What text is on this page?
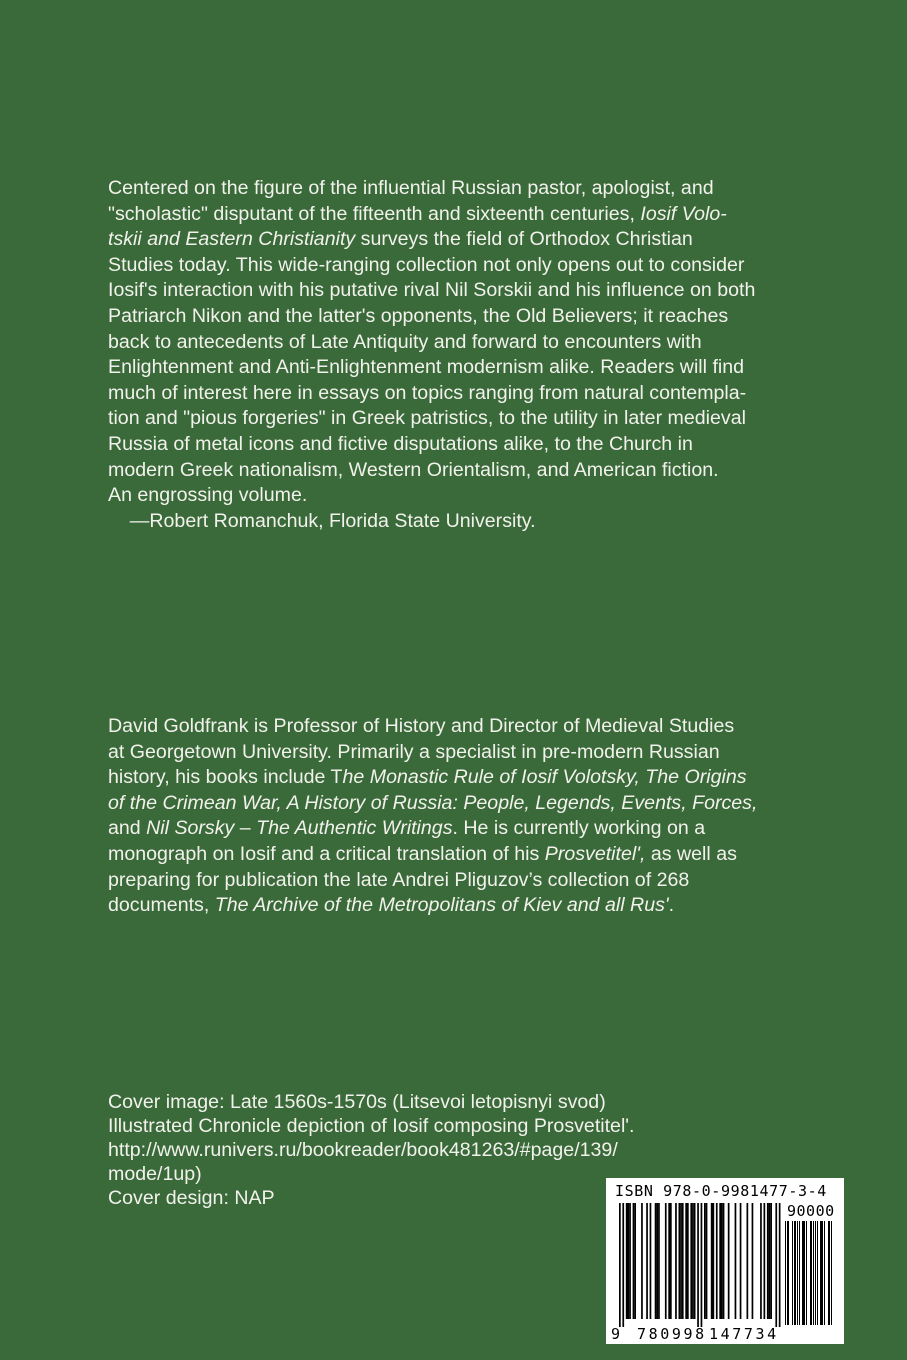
Centered on the figure of the influential Russian pastor, apologist, and
"scholastic" disputant of the fifteenth and sixteenth centuries, Iosif Volo-
tskii and Eastern Christianity surveys the field of Orthodox Christian
Studies today. This wide-ranging collection not only opens out to consider
Iosif's interaction with his putative rival Nil Sorskii and his influence on both
Patriarch Nikon and the latter's opponents, the Old Believers; it reaches
back to antecedents of Late Antiquity and forward to encounters with
Enlightenment and Anti-Enlightenment modernism alike. Readers will find
much of interest here in essays on topics ranging from natural contempla-
tion and "pious forgeries" in Greek patristics, to the utility in later medieval
Russia of metal icons and fictive disputations alike, to the Church in
modern Greek nationalism, Western Orientalism, and American fiction.
An engrossing volume.
—Robert Romanchuk, Florida State University.
David Goldfrank is Professor of History and Director of Medieval Studies
at Georgetown University. Primarily a specialist in pre-modern Russian
history, his books include The Monastic Rule of Iosif Volotsky, The Origins
of the Crimean War, A History of Russia: People, Legends, Events, Forces,
and Nil Sorsky – The Authentic Writings. He is currently working on a
monograph on Iosif and a critical translation of his Prosvetitel', as well as
preparing for publication the late Andrei Pliguzov’s collection of 268
documents, The Archive of the Metropolitans of Kiev and all Rus'.
Cover image: Late 1560s-1570s (Litsevoi letopisnyi svod)
Illustrated Chronicle depiction of Iosif composing Prosvetitel'.
http://www.runivers.ru/bookreader/book481263/#page/139/
mode/1up)
Cover design: NAP	ISBN 978-0-9981477-3-4
90000
9 780998 147734
